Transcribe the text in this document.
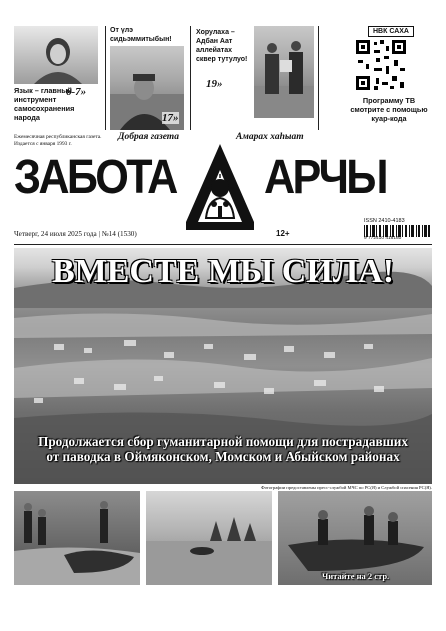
Язык – главный инструмент самосохранения народа
6-7»
От үлэ сидьэммитыбын!
17»
Хорулаха – Адбан Аат аллейатах сквер тутулуо!
19»
НВК САХА
Программу ТВ смотрите с помощью куар-кода
Ежемесячная республиканская газета. Издается с января 1993 г.
Добрая газета	Амарах хаhыат
ЗАБОТА АРЧЫ
ISSN 2410-4183
9 772410 418160
Четверг, 24 июля 2025 года | №14 (1530)	12+
ВМЕСТЕ МЫ СИЛА!
Продолжается сбор гуманитарной помощи для пострадавших от паводка в Оймяконском, Момском и Абыйском районах
Фотографии предоставлены пресс-службой МЧС по РС(Я) и Службой спасения РС(Я).
Читайте на 2 стр.
